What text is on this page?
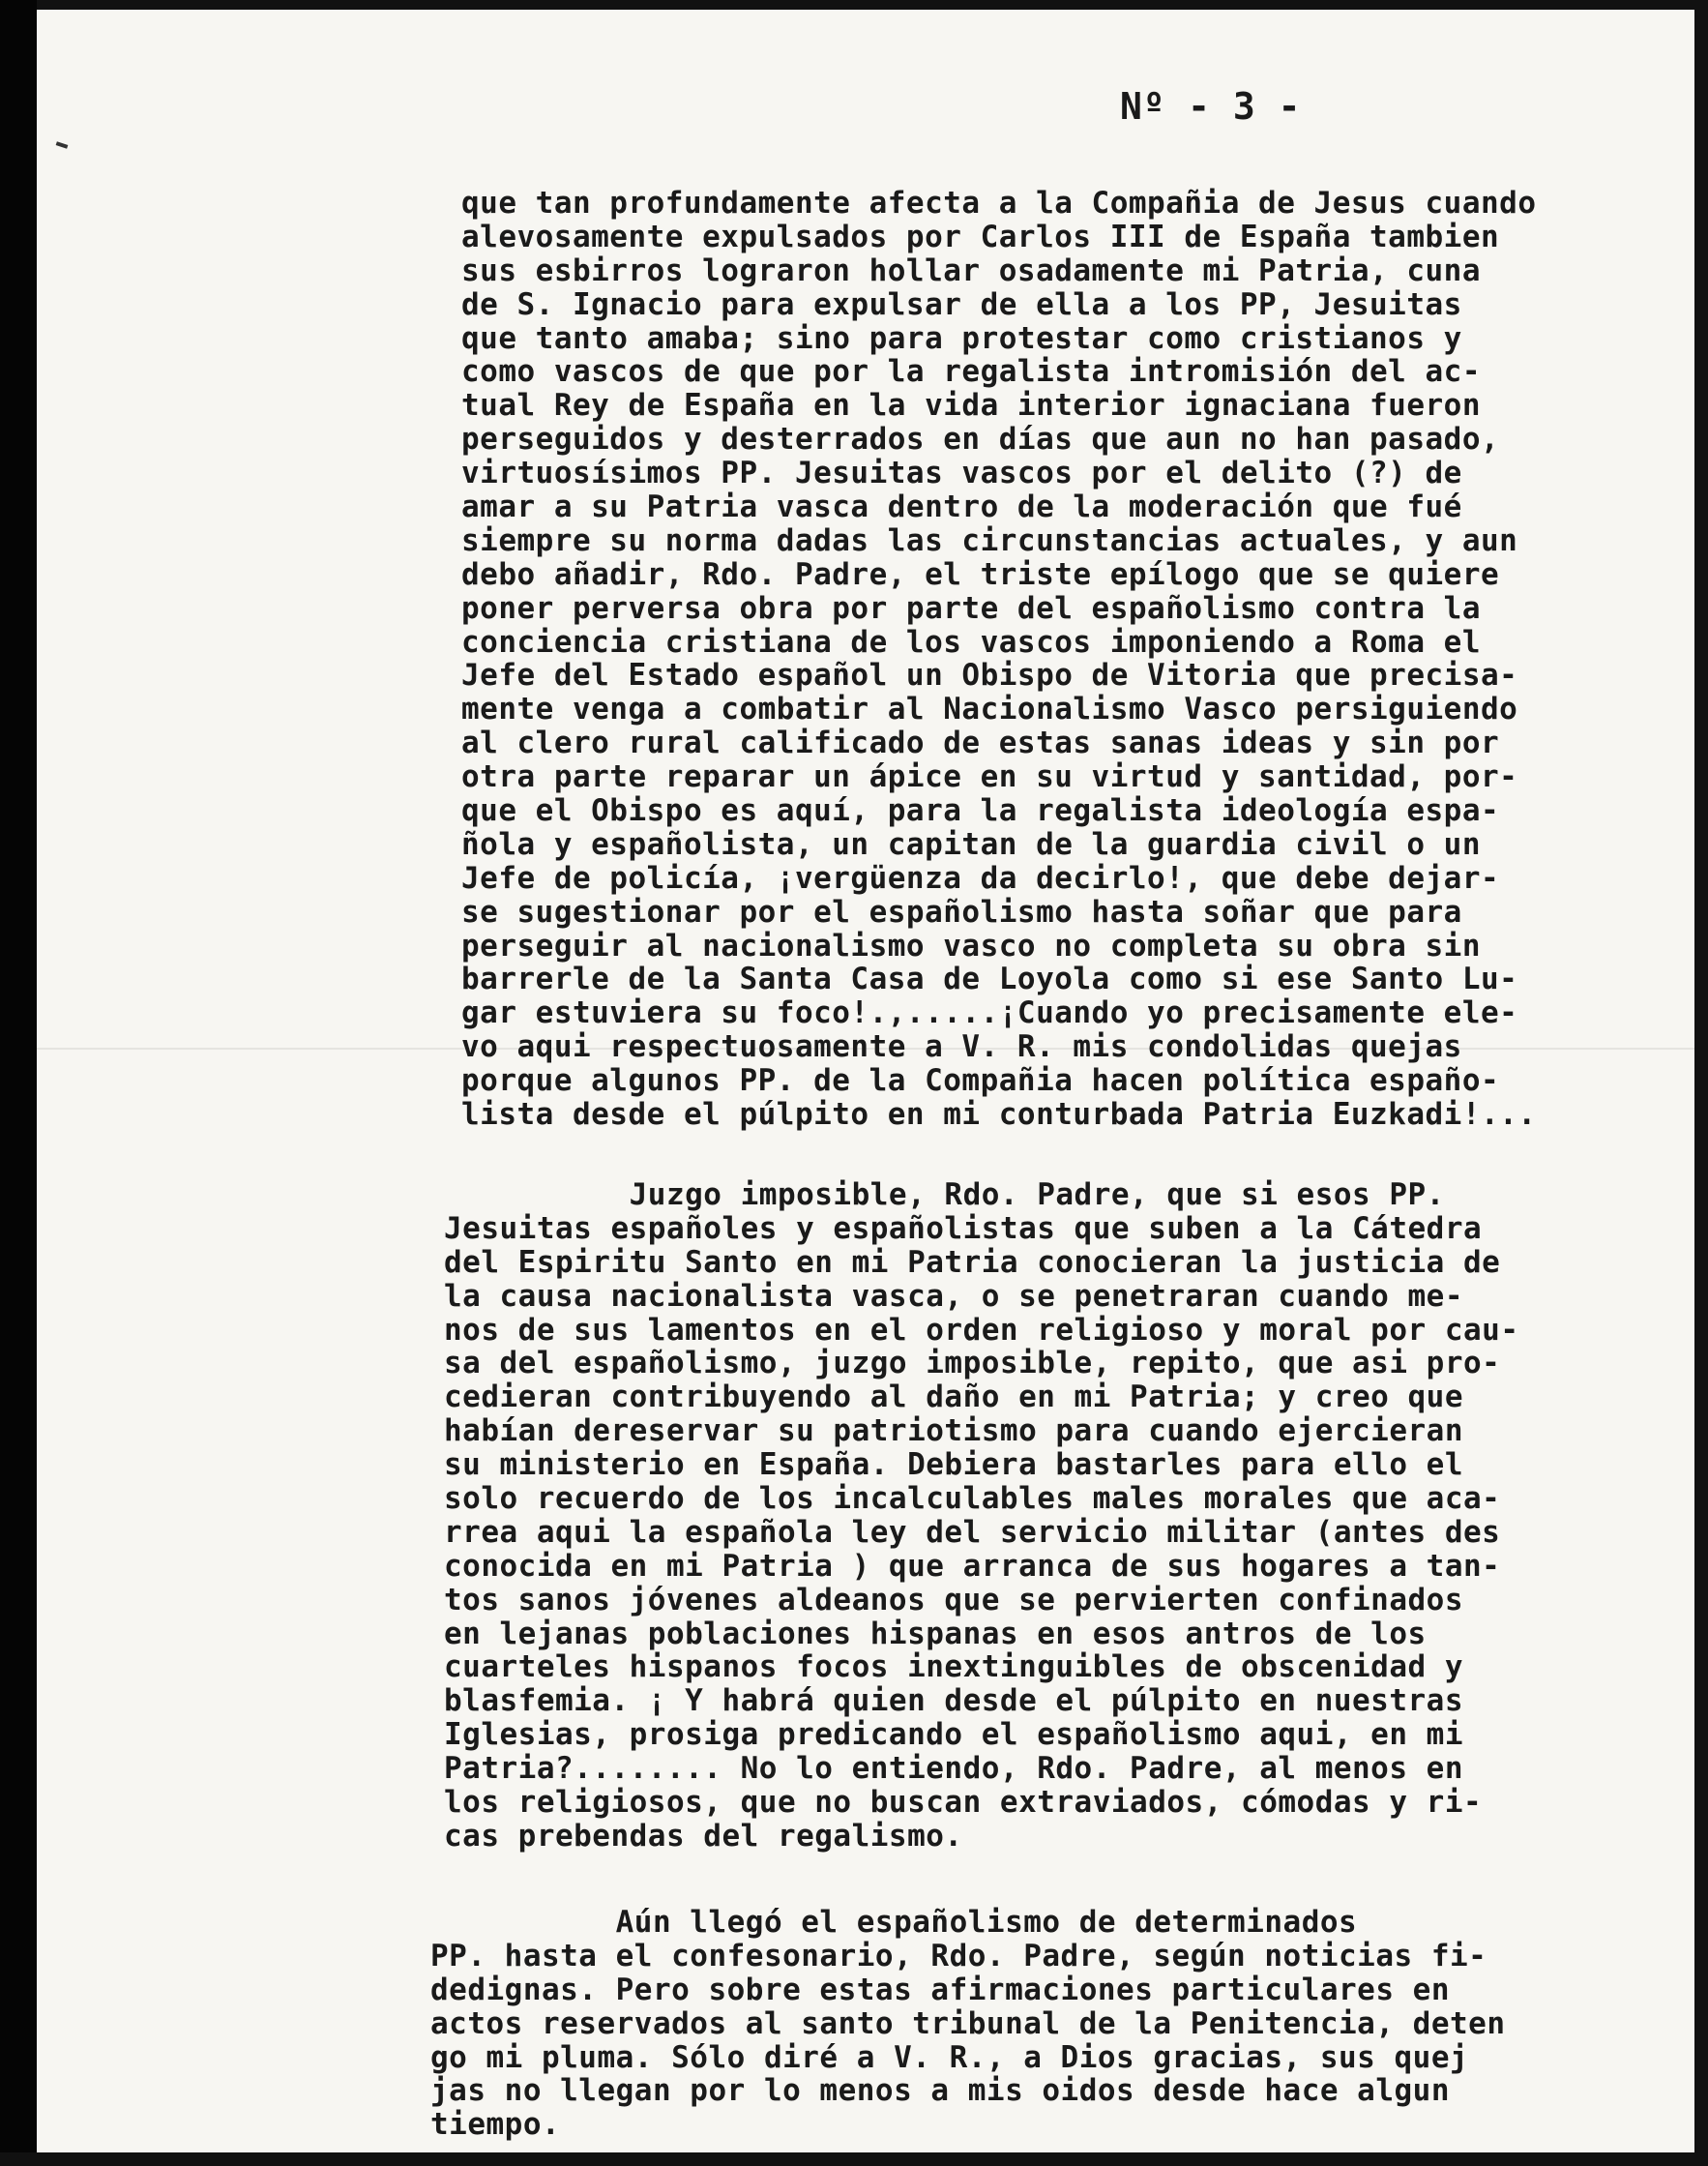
Nº - 3 -

que tan profundamente afecta a la Compañia de Jesus cuando
alevosamente expulsados por Carlos III de España tambien
sus esbirros lograron hollar osadamente mi Patria, cuna
de S. Ignacio para expulsar de ella a los PP, Jesuitas
que tanto amaba; sino para protestar como cristianos y
como vascos de que por la regalista intromisión del ac-
tual Rey de España en la vida interior ignaciana fueron
perseguidos y desterrados en días que aun no han pasado,
virtuosísimos PP. Jesuitas vascos por el delito (?) de
amar a su Patria vasca dentro de la moderación que fué
siempre su norma dadas las circunstancias actuales, y aun
debo añadir, Rdo. Padre, el triste epílogo que se quiere
poner perversa obra por parte del españolismo contra la
conciencia cristiana de los vascos imponiendo a Roma el
Jefe del Estado español un Obispo de Vitoria que precisa-
mente venga a combatir al Nacionalismo Vasco persiguiendo
al clero rural calificado de estas sanas ideas y sin por
otra parte reparar un ápice en su virtud y santidad, por-
que el Obispo es aquí, para la regalista ideología espa-
ñola y españolista, un capitan de la guardia civil o un
Jefe de policía, ¡vergüenza da decirlo!, que debe dejar-
se sugestionar por el españolismo hasta soñar que para
perseguir al nacionalismo vasco no completa su obra sin
barrerle de la Santa Casa de Loyola como si ese Santo Lu-
gar estuviera su foco!.,.....¡Cuando yo precisamente ele-
vo aqui respectuosamente a V. R. mis condolidas quejas
porque algunos PP. de la Compañia hacen política españo-
lista desde el púlpito en mi conturbada Patria Euzkadi!...
Juzgo imposible, Rdo. Padre, que si esos PP.
Jesuitas españoles y españolistas que suben a la Cátedra
del Espiritu Santo en mi Patria conocieran la justicia de
la causa nacionalista vasca, o se penetraran cuando me-
nos de sus lamentos en el orden religioso y moral por cau-
sa del españolismo, juzgo imposible, repito, que asi pro-
cedieran contribuyendo al daño en mi Patria; y creo que
habían dereservar su patriotismo para cuando ejercieran
su ministerio en España. Debiera bastarles para ello el
solo recuerdo de los incalculables males morales que aca-
rrea aqui la española ley del servicio militar (antes des
conocida en mi Patria ) que arranca de sus hogares a tan-
tos sanos jóvenes aldeanos que se pervierten confinados
en lejanas poblaciones hispanas en esos antros de los
cuarteles hispanos focos inextinguibles de obscenidad y
blasfemia. ¡ Y habrá quien desde el púlpito en nuestras
Iglesias, prosiga predicando el españolismo aqui, en mi
Patria?........ No lo entiendo, Rdo. Padre, al menos en
los religiosos, que no buscan extraviados, cómodas y ri-
cas prebendas del regalismo.
Aún llegó el españolismo de determinados
PP. hasta el confesonario, Rdo. Padre, según noticias fi-
dedignas. Pero sobre estas afirmaciones particulares en
actos reservados al santo tribunal de la Penitencia, deten
go mi pluma. Sólo diré a V. R., a Dios gracias, sus quej
jas no llegan por lo menos a mis oidos desde hace algun
tiempo.
